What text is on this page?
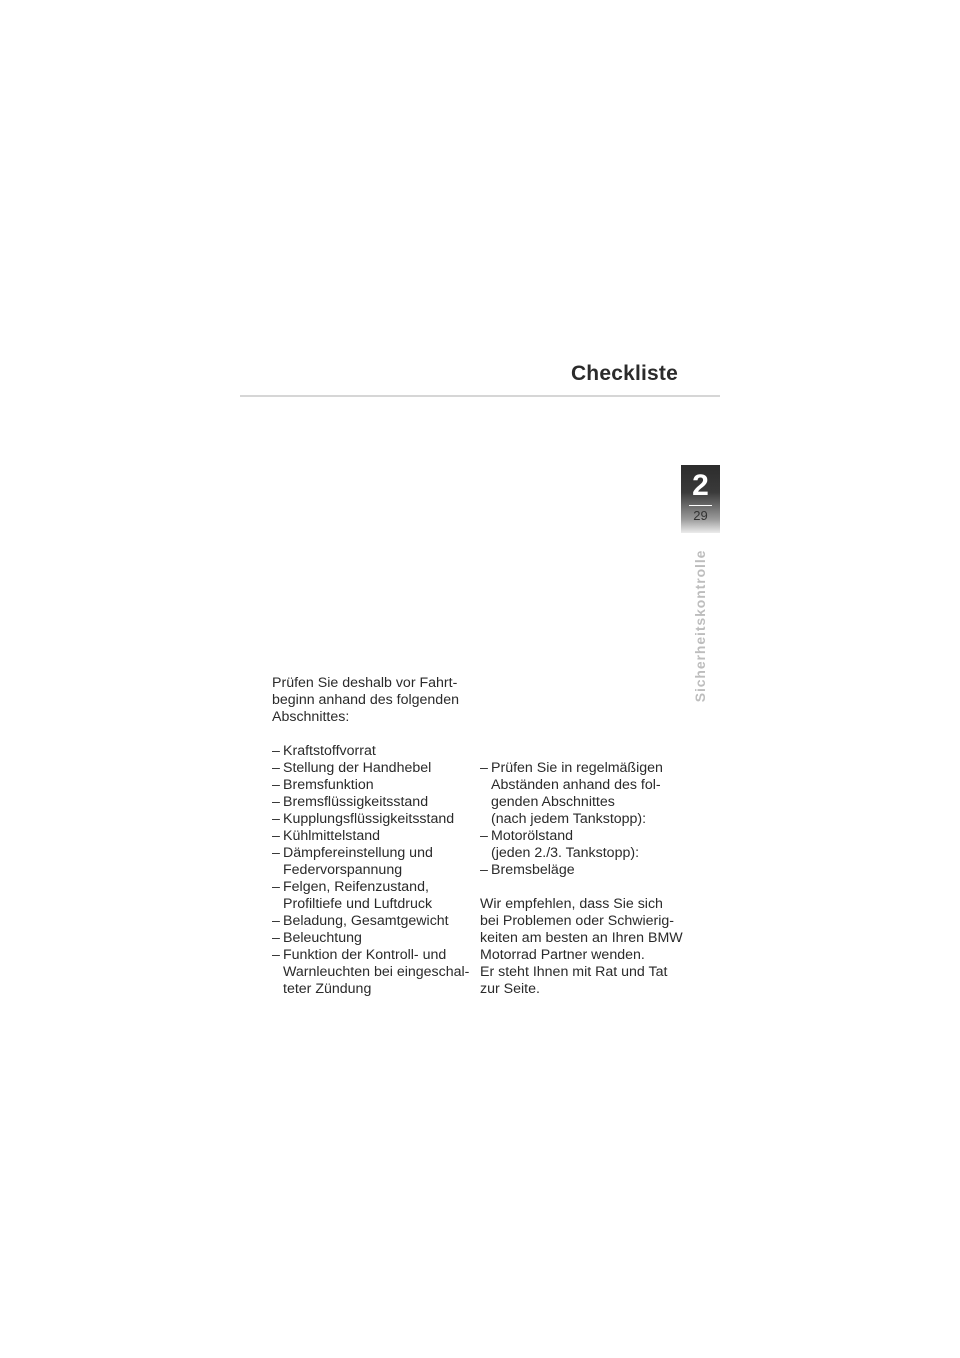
Checkliste
2
29
Sicherheitskontrolle

Prüfen Sie deshalb vor Fahrt-
beginn anhand des folgenden
Abschnittes:

– Kraftstoffvorrat
– Stellung der Handhebel
– Bremsfunktion
– Bremsflüssigkeitsstand
– Kupplungsflüssigkeitsstand
– Kühlmittelstand
– Dämpfereinstellung und
Federvorspannung
– Felgen, Reifenzustand,
Profiltiefe und Luftdruck
– Beladung, Gesamtgewicht
– Beleuchtung
– Funktion der Kontroll- und
Warnleuchten bei eingeschal-
teter Zündung
– Prüfen Sie in regelmäßigen
Abständen anhand des fol-
genden Abschnittes
(nach jedem Tankstopp):
– Motorölstand
(jeden 2./3. Tankstopp):
– Bremsbeläge

Wir empfehlen, dass Sie sich
bei Problemen oder Schwierig-
keiten am besten an Ihren BMW
Motorrad Partner wenden.
Er steht Ihnen mit Rat und Tat
zur Seite.
